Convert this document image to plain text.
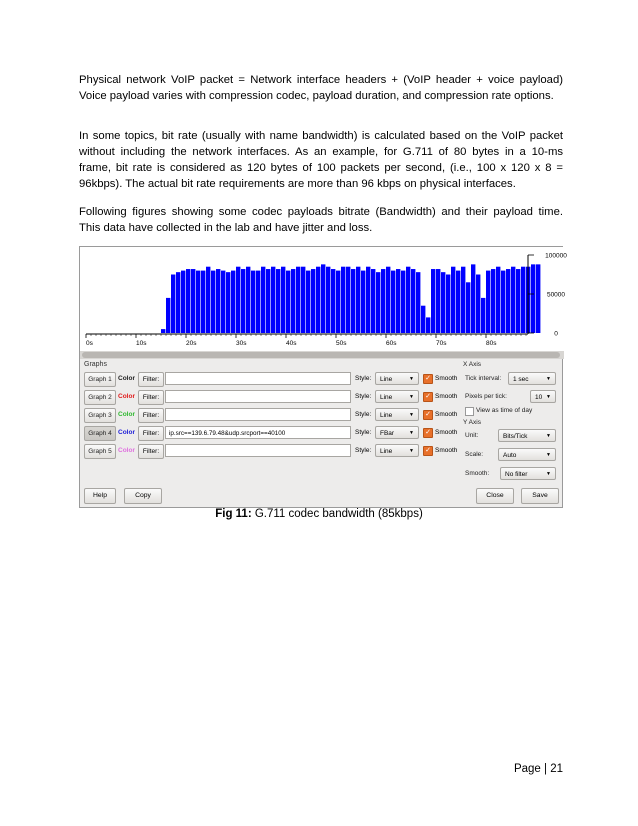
Physical network VoIP packet = Network interface headers + (VoIP header + voice payload)
Voice payload varies with compression codec, payload duration, and compression rate options.
In some topics, bit rate (usually with name bandwidth) is calculated based on the VoIP packet
without including the network interfaces. As an example, for G.711 of 80 bytes in a 10-ms
frame, bit rate is considered as 120 bytes of 100 packets per second, (i.e., 100 x 120 x 8 =
96kbps). The actual bit rate requirements are more than 96 kbps on physical interfaces.
Following figures showing some codec payloads bitrate (Bandwidth) and their payload time.
This data have collected in the lab and have jitter and loss.
0s	10s	20s	30s	40s	50s	60s	70s	80s
100000
50000
0
Graphs
Graph 1 Color	Filter:	Style:	Line	▼ ✓ Smooth
Graph 2 Color	Filter:	Style:	Line	▼ ✓ Smooth
Graph 3 Color	Filter:	Style:	Line	▼ ✓ Smooth
Graph 4 Color	Filter:	ip.src==139.6.79.48&udp.srcport==40100	Style:	FBar	▼ ✓ Smooth
Graph 5 Color	Filter:	Style:	Line	▼ ✓ Smooth
X Axis
Tick interval:	1 sec	▼
Pixels per tick:	10 ▼
View as time of day
Y Axis
Unit:	Bits/Tick	▼
Scale:	Auto	▼
Smooth:	No filter	▼
Help	Copy	Close	Save
Fig 11: G.711 codec bandwidth (85kbps)
Page | 21
